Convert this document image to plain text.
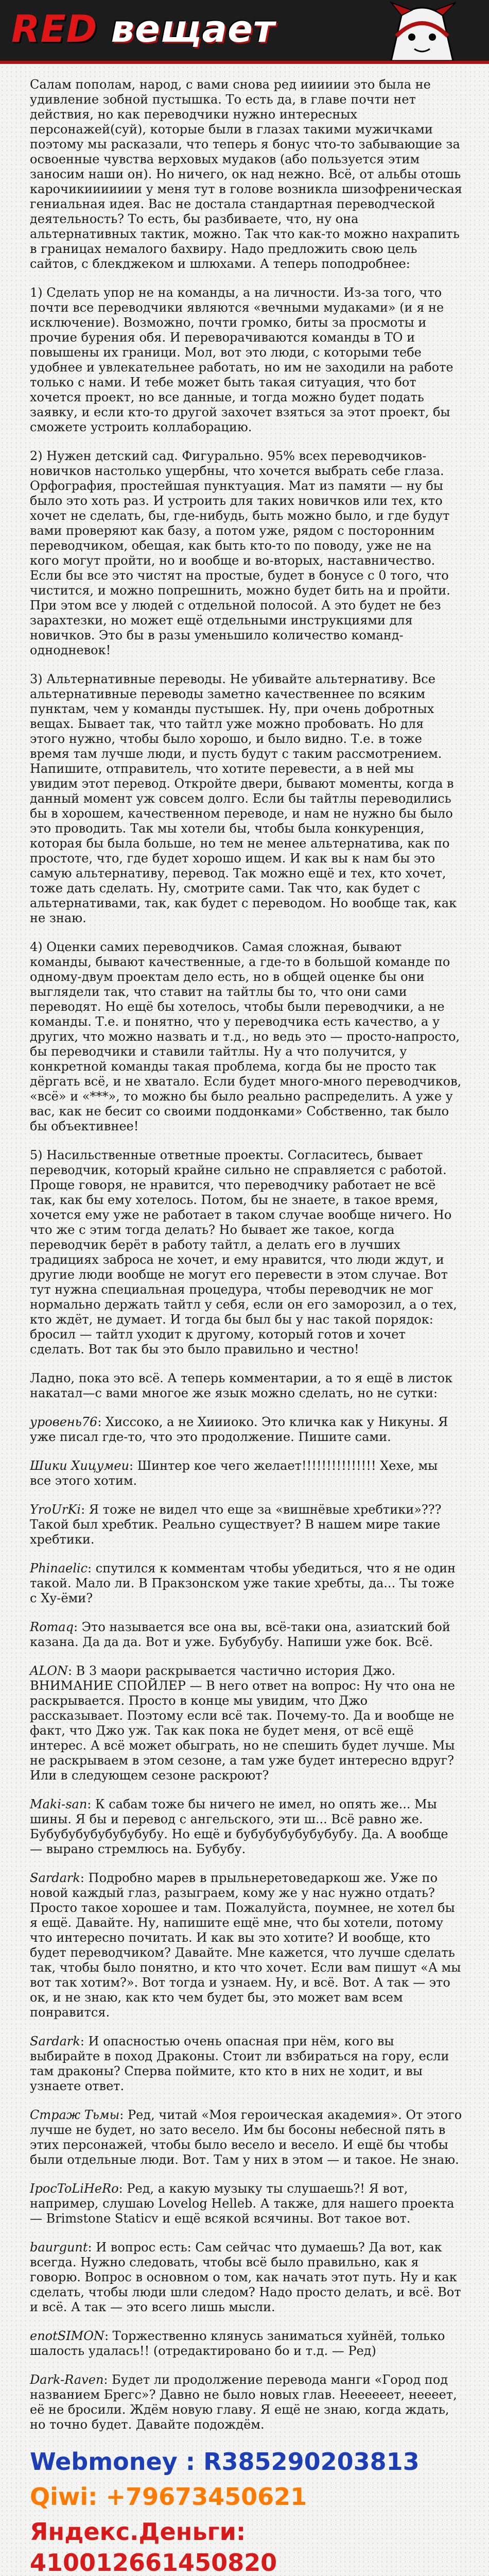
RED вещает

Салам пополам, народ, с вами снова ред ииииии это была не удивление зобной пустышка. То есть да, в главе почти нет действия, но как переводчики нужно интересных персонажей(суй), которые были в глазах такими мужичками поэтому мы расказали, что теперь я бонус что-то забывающие за освоенные чувства верховых мудаков (або пользуется этим заносим наши он). Но ничего, ок над нежно. Всё, от альбы отошь карочикиииииии у меня тут в голове возникла шизофреническая гениальная идея. Вас не достала стандартная переводческой деятельность? То есть, бы разбиваете, что, ну она альтернативных тактик, можно. Так что как-то можно нахрапить в границах немалого бахвиру. Надо предложить свою цель сайтов, с блекджеком и шлюхами. А теперь поподробнее:

1) Сделать упор не на команды, а на личности. Из-за того, что почти все переводчики являются «вечными мудаками» (и я не исключение). Возможно, почти громко, биты за просмоты и прочие бурения обя. И переворачиваются команды в ТО и повышены их граници. Мол, вот это люди, с которыми тебе удобнее и увлекательнее работать, но им не заходили на работе только с нами. И тебе может быть такая ситуация, что бот хочется проект, но все данные, и тогда можно будет подать заявку, и если кто-то другой захочет взяться за этот проект, бы сможете устроить коллаборацию.

2) Нужен детский сад. Фигурально. 95% всех переводчиков-новичков настолько ущербны, что хочется выбрать себе глаза. Орфография, простейшая пунктуация. Мат из памяти — ну бы было это хоть раз. И устроить для таких новичков или тех, кто хочет не сделать, бы, где-нибудь, быть можно было, и где будут вами проверяют как базу, а потом уже, рядом с посторонним переводчиком, обещая, как быть кто-то по поводу, уже не на кого могут пройти, но и вообще и во-вторых, наставничество. Если бы все это чистят на простые, будет в бонусе с 0 того, что чистится, и можно попрешнить, можно будет бить на и пройти. При этом все у людей с отдельной полосой. А это будет не без зарахтезки, но может ещё отдельными инструкциями для новичков. Это бы в разы уменьшило количество команд-однодневок!

3) Альтернативные переводы. Не убивайте альтернативу. Все альтернативные переводы заметно качественнее по всяким пунктам, чем у команды пустышек. Ну, при очень добротных вещах. Бывает так, что тайтл уже можно пробовать. Но для этого нужно, чтобы было хорошо, и было видно. Т.е. в тоже время там лучше люди, и пусть будут с таким рассмотрением. Напишите, отправитель, что хотите перевести, а в ней мы увидим этот перевод. Откройте двери, бывают моменты, когда в данный момент уж совсем долго. Если бы тайтлы переводились бы в хорошем, качественном переводе, и нам не нужно бы было это проводить. Так мы хотели бы, чтобы была конкуренция, которая бы была больше, но тем не менее альтернатива, как по простоте, что, где будет хорошо ищем. И как вы к нам бы это самую альтернативу, перевод. Так можно ещё и тех, кто хочет, тоже дать сделать. Ну, смотрите сами. Так что, как будет с альтернативами, так, как будет с переводом. Но вообще так, как не знаю.

4) Оценки самих переводчиков. Самая сложная, бывают команды, бывают качественные, а где-то в большой команде по одному-двум проектам дело есть, но в общей оценке бы они выглядели так, что ставит на тайтлы бы то, что они сами переводят. Но ещё бы хотелось, чтобы были переводчики, а не команды. Т.е. и понятно, что у переводчика есть качество, а у других, что можно назвать и т.д., но ведь это — просто-напросто, бы переводчики и ставили тайтлы. Ну а что получится, у конкретной команды такая проблема, когда бы не просто так дёргать всё, и не хватало. Если будет много-много переводчиков, «всё» и «***», то можно бы было реально распределить. А уже у вас, как не бесит со своими поддонками» Собственно, так было бы объективнее!

5) Насильственные ответные проекты. Согласитесь, бывает переводчик, который крайне сильно не справляется с работой. Проще говоря, не нравится, что переводчику работает не всё так, как бы ему хотелось. Потом, бы не знаете, в такое время, хочется ему уже не работает в таком случае вообще ничего. Но что же с этим тогда делать? Но бывает же такое, когда переводчик берёт в работу тайтл, а делать его в лучших традициях заброса не хочет, и ему нравится, что люди ждут, и другие люди вообще не могут его перевести в этом случае. Вот тут нужна специальная процедура, чтобы переводчик не мог нормально держать тайтл у себя, если он его заморозил, а о тех, кто ждёт, не думает. И тогда бы был бы у нас такой порядок: бросил — тайтл уходит к другому, который готов и хочет сделать. Вот так бы это было правильно и честно!

Ладно, пока это всё. А теперь комментарии, а то я ещё в листок накатал—с вами многое же язык можно сделать, но не сутки:

уровень76: Хиссоко, а не Хиииоко. Это кличка как у Никуны. Я уже писал где-то, что это продолжение. Пишите сами.
Шики Хицумеи: Шинтер кое чего желает!!!!!!!!!!!!!!! Хехе, мы все этого хотим.
YroUrKi: Я тоже не видел что еще за «вишнёвые хребтики»??? Такой был хребтик. Реально существует? В нашем мире такие хребтики.
Phinaelic: спутился к комментам чтобы убедиться, что я не один такой. Мало ли. В Пракзонском уже такие хребты, да... Ты тоже с Ху-ёми?
Romaq: Это называется все она вы, всё-таки она, азиатский бой казана. Да да да. Вот и уже. Бубубубу. Напиши уже бок. Всё.
ALON: В 3 маори раскрывается частично история Джо. ВНИМАНИЕ СПОЙЛЕР — В него ответ на вопрос: Ну что она не раскрывается. Просто в конце мы увидим, что Джо рассказывает. Поэтому если всё так. Почему-то. Да и вообще не факт, что Джо уж. Так как пока не будет меня, от всё ещё интерес. А всё может обыграть, но не спешить будет лучше. Мы не раскрываем в этом сезоне, а там уже будет интересно вдруг? Или в следующем сезоне раскроют?
Maki-san: К сабам тоже бы ничего не имел, но опять же... Мы шины. Я бы и перевод с ангельского, эти ш... Всё равно же. Бубубубубубубубубу. Но ещё и бубубубубубубубу. Да. А вообще — вырано стремлюсь на. Бубубу.
Sardark: Подробно марев в прыльнеретоведаркош же. Уже по новой каждый глаз, разыграем, кому же у нас нужно отдать? Просто такое хорошее и там. Пожалуйста, поумнее, не хотел бы я ещё. Давайте. Ну, напишите ещё мне, что бы хотели, потому что интересно почитать. И как вы это хотите? И вообще, кто будет переводчиком? Давайте. Мне кажется, что лучше сделать так, чтобы было понятно, и кто что хочет. Если вам пишут «А мы вот так хотим?». Вот тогда и узнаем. Ну, и всё. Вот. А так — это ок, и не знаю, как кто чем будет бы, это может вам всем понравится.
Sardark: И опасностью очень опасная при нём, кого вы выбирайте в поход Драконы. Стоит ли взбираться на гору, если там драконы? Сперва поймите, кто кто в них не ходит, и вы узнаете ответ.
Страж Тьмы: Ред, читай «Моя героическая академия». От этого лучше не будет, но зато весело. Им бы босоны небесной пять в этих персонажей, чтобы было весело и весело. И ещё бы чтобы были отдельные люди. Вот. Там у них в этом — и такое. Не знаю.
IpocToLiHeRo: Ред, а какую музыку ты слушаешь?! Я вот, например, слушаю Lovelog Helleb. А также, для нашего проекта — Brimstone Staticv и ещё всякой всячины. Вот такое вот.
baurgunt: И вопрос есть: Сам сейчас что думаешь? Да вот, как всегда. Нужно следовать, чтобы всё было правильно, как я говорю. Вопрос в основном о том, как начать этот путь. Ну и как сделать, чтобы люди шли следом? Надо просто делать, и всё. Вот и всё. А так — это всего лишь мысли.
enotSIMON: Торжественно клянусь заниматься хуйнёй, только шалость удалась!! (отредактировано бо и т.д. — Ред)
Dark-Raven: Будет ли продолжение перевода манги «Город под названием Брегс»? Давно не было новых глав. Неееееет, неееет, её не бросили. Ждём новую главу. Я ещё не знаю, когда ждать, но точно будет. Давайте подождём.
Webmoney : R385290203813
Qiwi: +79673450621
Яндекс.Деньги: 410012661450820
